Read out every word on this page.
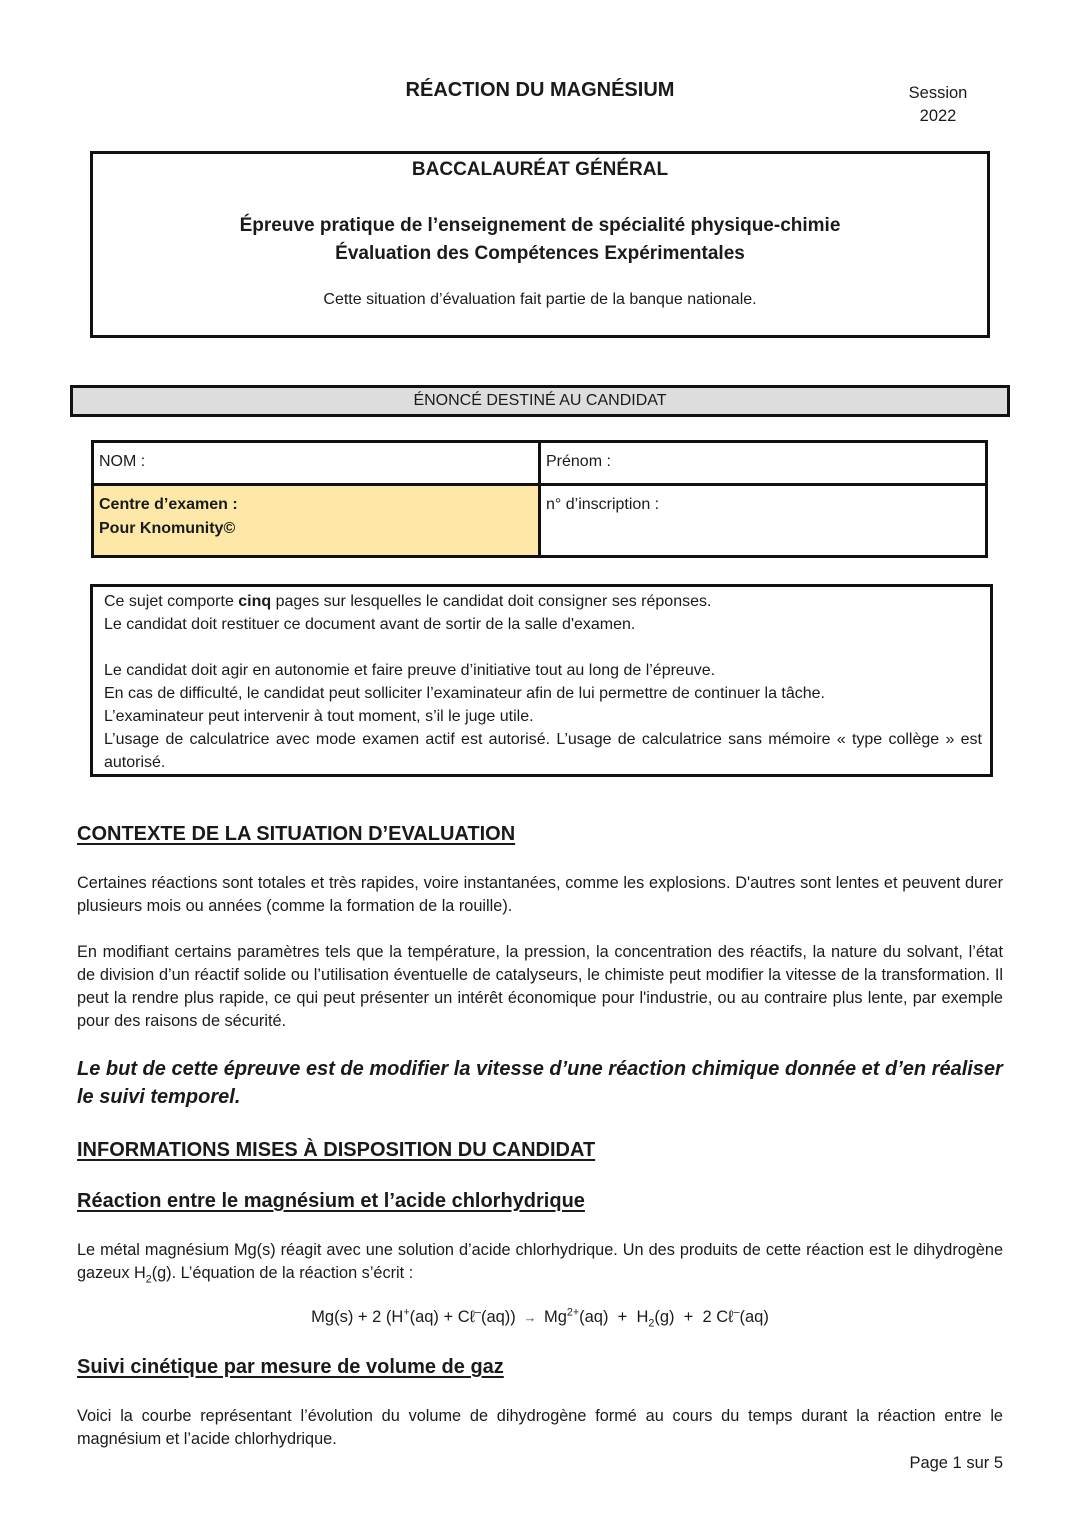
RÉACTION DU MAGNÉSIUM	Session
2022
BACCALAURÉAT GÉNÉRAL
Épreuve pratique de l’enseignement de spécialité physique-chimie
Évaluation des Compétences Expérimentales
Cette situation d’évaluation fait partie de la banque nationale.
ÉNONCÉ DESTINÉ AU CANDIDAT
NOM :	Prénom :

Centre d’examen :
Pour Knomunity©	n° d’inscription :

Ce sujet comporte cinq pages sur lesquelles le candidat doit consigner ses réponses.

Le candidat doit restituer ce document avant de sortir de la salle d'examen.

Le candidat doit agir en autonomie et faire preuve d’initiative tout au long de l’épreuve.

En cas de difficulté, le candidat peut solliciter l’examinateur afin de lui permettre de continuer la tâche.

L’examinateur peut intervenir à tout moment, s’il le juge utile.

L’usage de calculatrice avec mode examen actif est autorisé. L’usage de calculatrice sans mémoire « type collège » est autorisé.

CONTEXTE DE LA SITUATION D’EVALUATION
Certaines réactions sont totales et très rapides, voire instantanées, comme les explosions. D'autres sont lentes et peuvent durer plusieurs mois ou années (comme la formation de la rouille).
En modifiant certains paramètres tels que la température, la pression, la concentration des réactifs, la nature du solvant, l’état de division d’un réactif solide ou l’utilisation éventuelle de catalyseurs, le chimiste peut modifier la vitesse de la transformation. Il peut la rendre plus rapide, ce qui peut présenter un intérêt économique pour l'industrie, ou au contraire plus lente, par exemple pour des raisons de sécurité.
Le but de cette épreuve est de modifier la vitesse d’une réaction chimique donnée et d’en réaliser le suivi temporel.
INFORMATIONS MISES À DISPOSITION DU CANDIDAT
Réaction entre le magnésium et l’acide chlorhydrique
Le métal magnésium Mg(s) réagit avec une solution d’acide chlorhydrique. Un des produits de cette réaction est le dihydrogène gazeux $H_2(g)$. L’équation de la réaction s’écrit :
Mg(s) + 2 (H+(aq) + Cℓ–(aq)) → $Mg^{2+}(aq) + H_2(g) + 2$ Cℓ–(aq)
Suivi cinétique par mesure de volume de gaz
Voici la courbe représentant l’évolution du volume de dihydrogène formé au cours du temps durant la réaction entre le magnésium et l’acide chlorhydrique.
Page 1 sur 5
